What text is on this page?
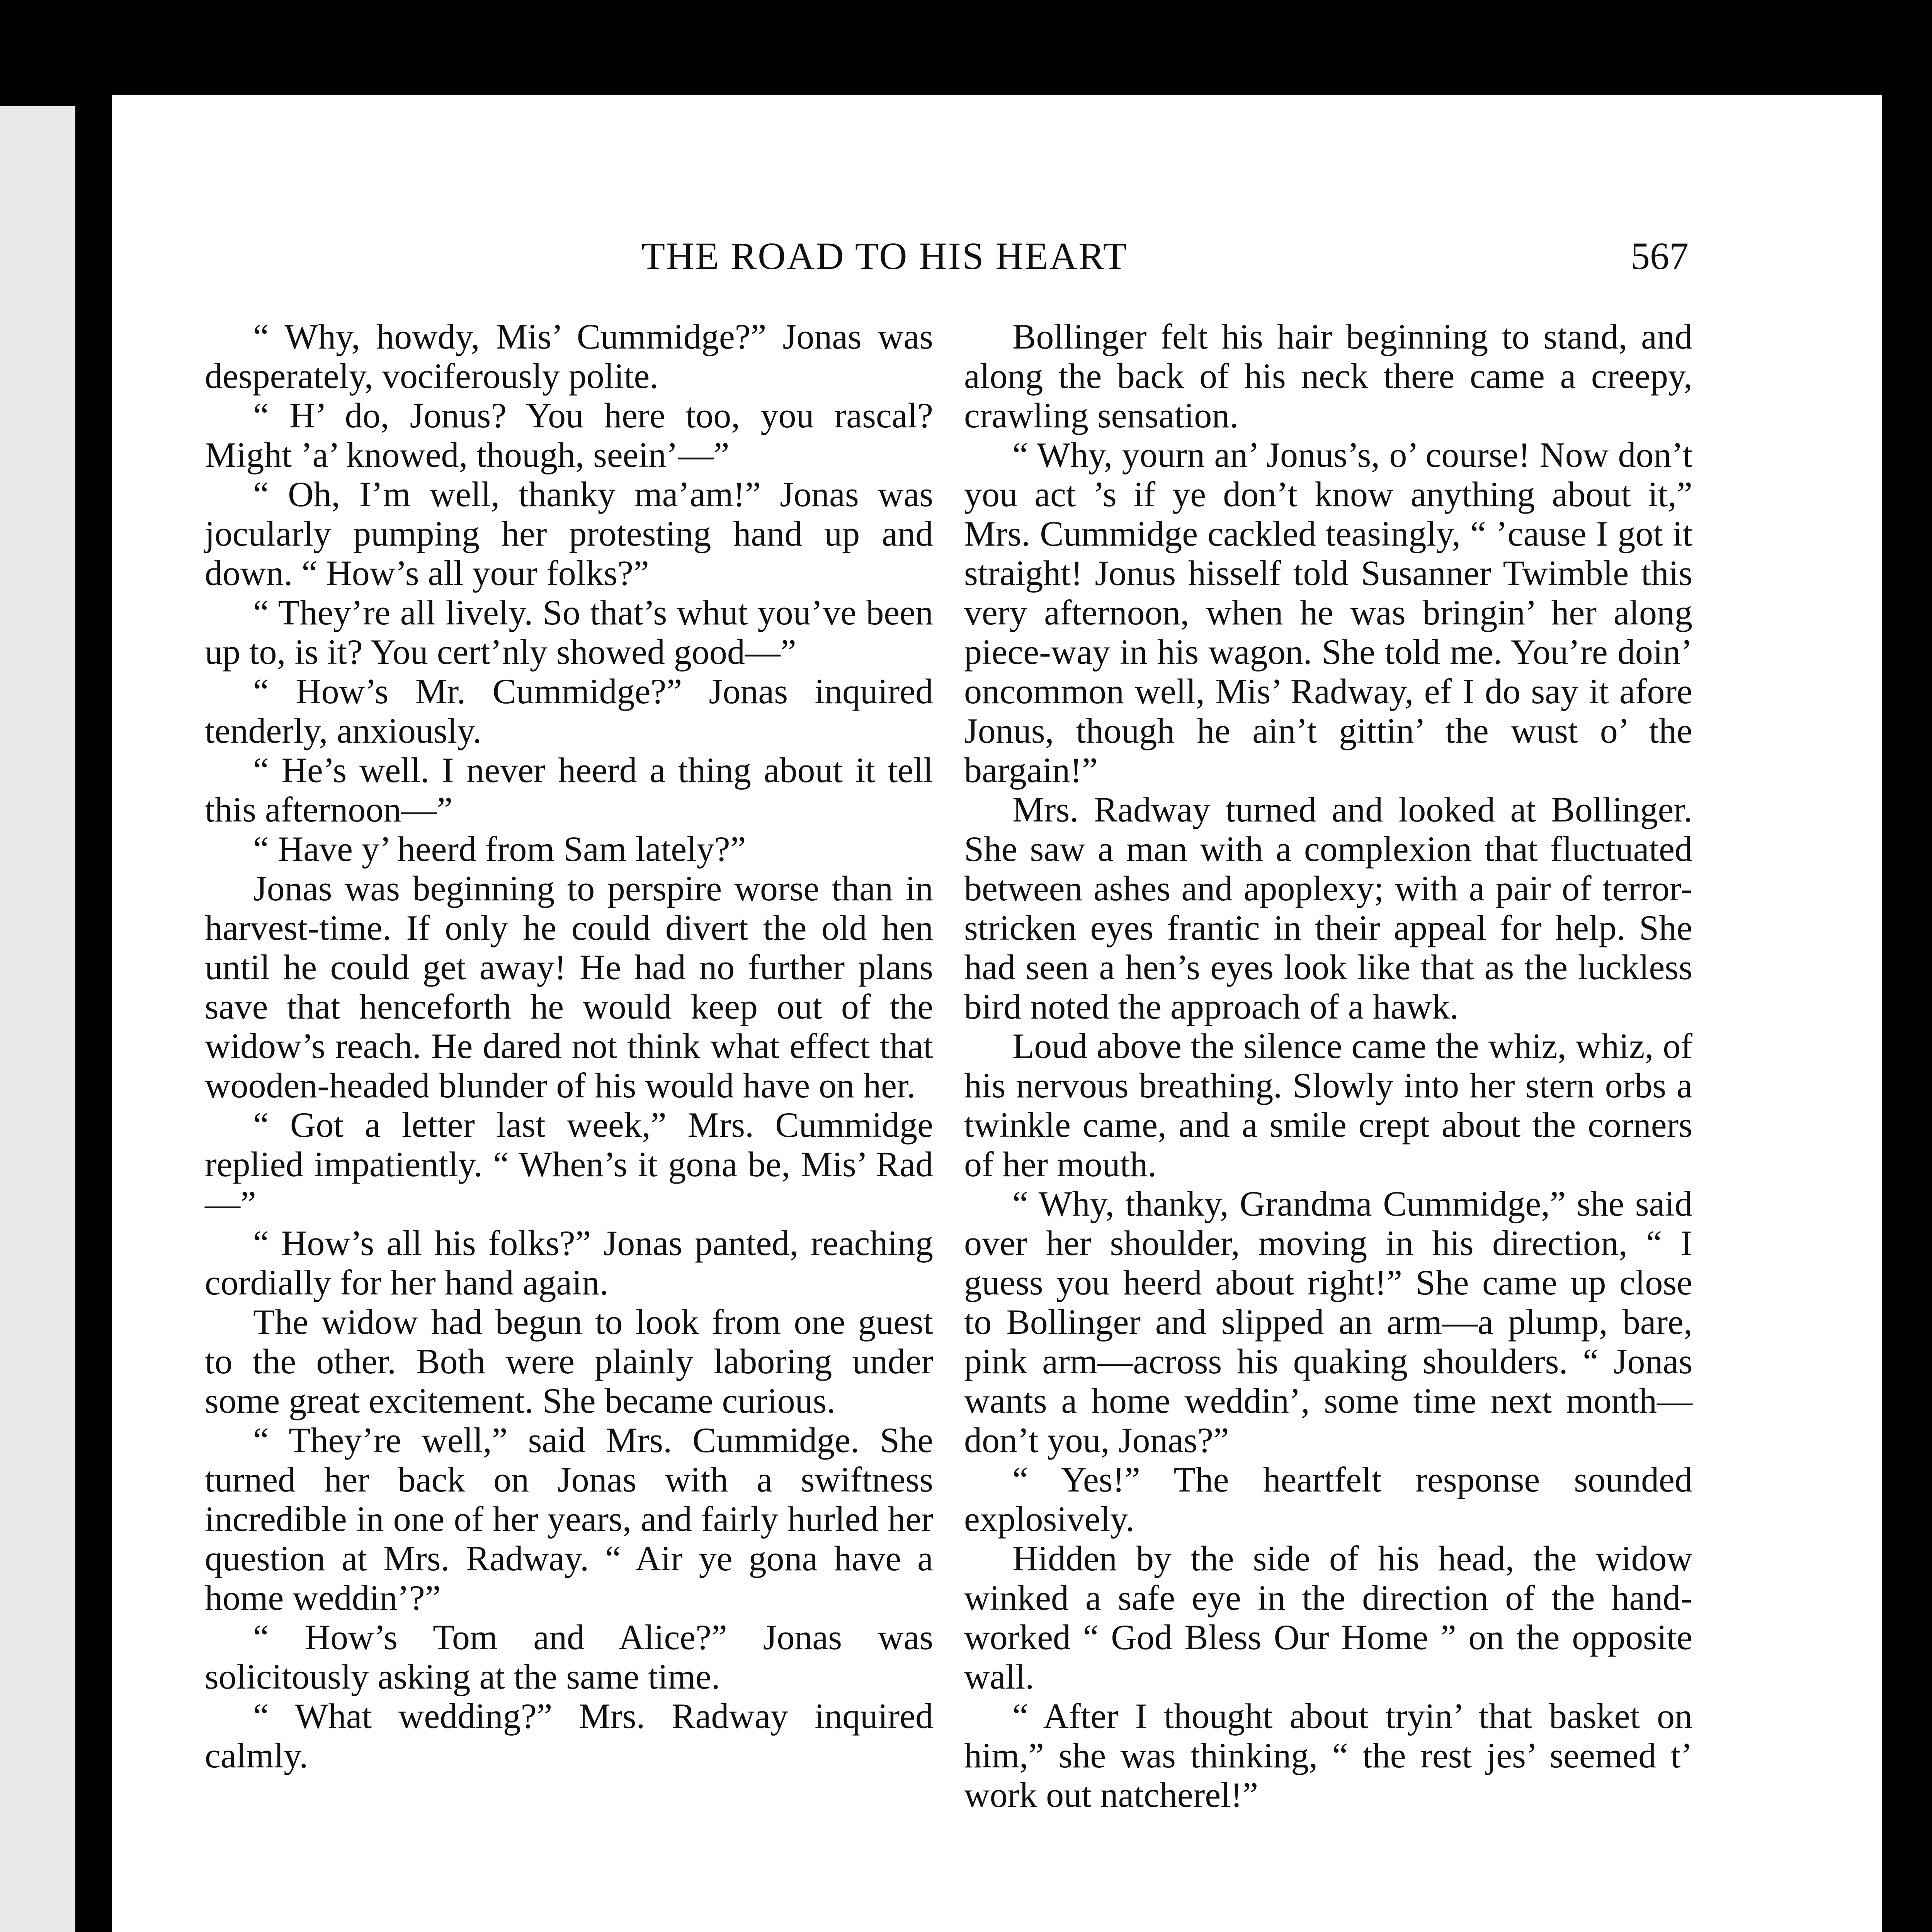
THE ROAD TO HIS HEART	567

“ Why, howdy, Mis’ Cummidge?” Jonas was desperately, vociferously polite.

“ H’ do, Jonus? You here too, you rascal? Might ’a’ knowed, though, seein’—”

“ Oh, I’m well, thanky ma’am!” Jonas was jocularly pumping her protesting hand up and down. “ How’s all your folks?”

“ They’re all lively. So that’s whut you’ve been up to, is it? You cert’nly showed good—”

“ How’s Mr. Cummidge?” Jonas inquired tenderly, anxiously.

“ He’s well. I never heerd a thing about it tell this afternoon—”

“ Have y’ heerd from Sam lately?”

Jonas was beginning to perspire worse than in harvest-time. If only he could divert the old hen until he could get away! He had no further plans save that henceforth he would keep out of the widow’s reach. He dared not think what effect that wooden-headed blunder of his would have on her.

“ Got a letter last week,” Mrs. Cummidge replied impatiently. “ When’s it gona be, Mis’ Rad—”

“ How’s all his folks?” Jonas panted, reaching cordially for her hand again.

The widow had begun to look from one guest to the other. Both were plainly laboring under some great excitement. She became curious.

“ They’re well,” said Mrs. Cummidge. She turned her back on Jonas with a swiftness incredible in one of her years, and fairly hurled her question at Mrs. Radway. “ Air ye gona have a home weddin’?”

“ How’s Tom and Alice?” Jonas was solicitously asking at the same time.

“ What wedding?” Mrs. Radway inquired calmly.

Bollinger felt his hair beginning to stand, and along the back of his neck there came a creepy, crawling sensation.

“ Why, yourn an’ Jonus’s, o’ course! Now don’t you act ’s if ye don’t know anything about it,” Mrs. Cummidge cackled teasingly, “ ’cause I got it straight! Jonus hisself told Susanner Twimble this very afternoon, when he was bringin’ her along piece-way in his wagon. She told me. You’re doin’ oncommon well, Mis’ Radway, ef I do say it afore Jonus, though he ain’t gittin’ the wust o’ the bargain!”

Mrs. Radway turned and looked at Bollinger. She saw a man with a complexion that fluctuated between ashes and apoplexy; with a pair of terror-stricken eyes frantic in their appeal for help. She had seen a hen’s eyes look like that as the luckless bird noted the approach of a hawk.

Loud above the silence came the whiz, whiz, of his nervous breathing. Slowly into her stern orbs a twinkle came, and a smile crept about the corners of her mouth.

“ Why, thanky, Grandma Cummidge,” she said over her shoulder, moving in his direction, “ I guess you heerd about right!” She came up close to Bollinger and slipped an arm—a plump, bare, pink arm—across his quaking shoulders. “ Jonas wants a home weddin’, some time next month—don’t you, Jonas?”

“ Yes!” The heartfelt response sounded explosively.

Hidden by the side of his head, the widow winked a safe eye in the direction of the hand-worked “ God Bless Our Home ” on the opposite wall.

“ After I thought about tryin’ that basket on him,” she was thinking, “ the rest jes’ seemed t’ work out natcherel!”
